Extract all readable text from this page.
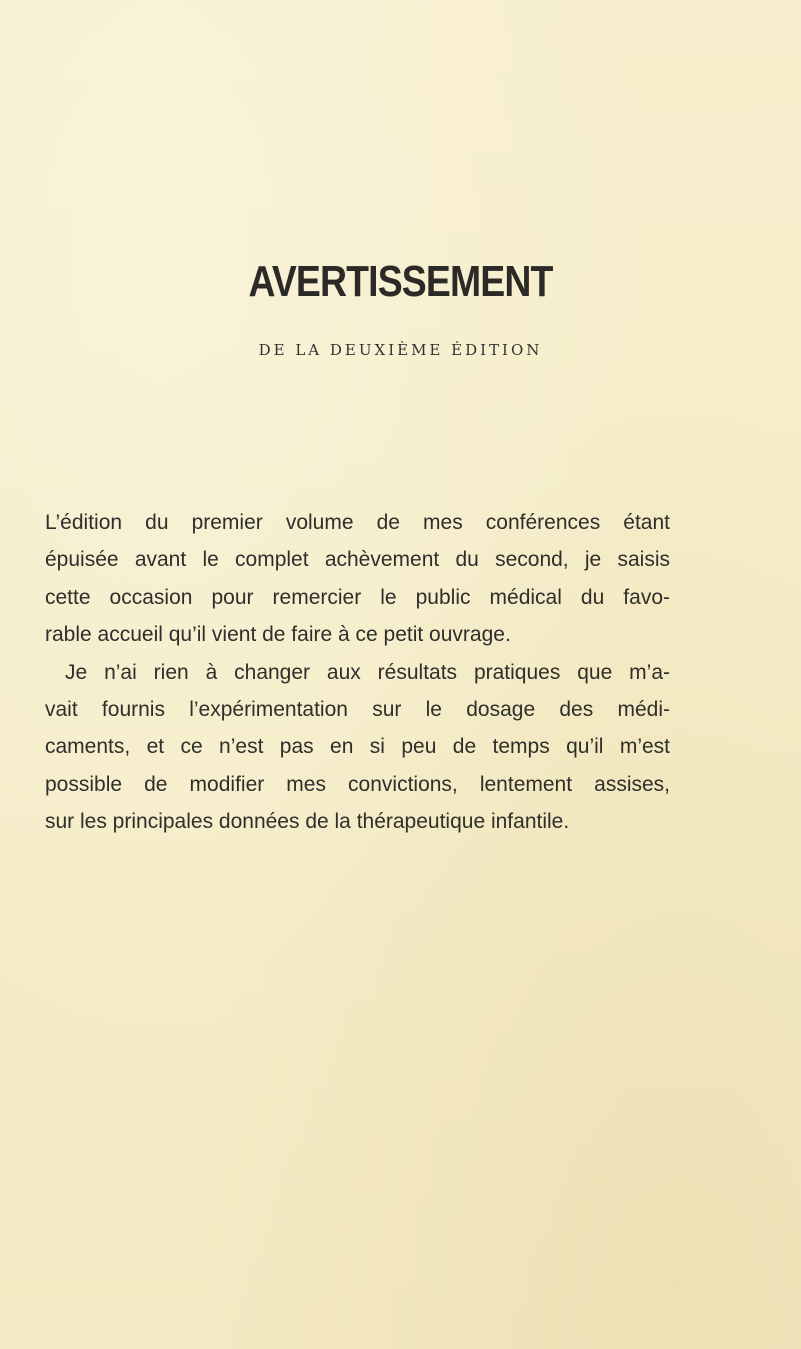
AVERTISSEMENT
DE LA DEUXIÈME ÉDITION

L’édition du premier volume de mes conférences étant
épuisée avant le complet achèvement du second, je saisis
cette occasion pour remercier le public médical du favo-
rable accueil qu’il vient de faire à ce petit ouvrage.

Je n’ai rien à changer aux résultats pratiques que m’a-
vait fournis l’expérimentation sur le dosage des médi-
caments, et ce n’est pas en si peu de temps qu’il m’est
possible de modifier mes convictions, lentement assises,
sur les principales données de la thérapeutique infantile.
